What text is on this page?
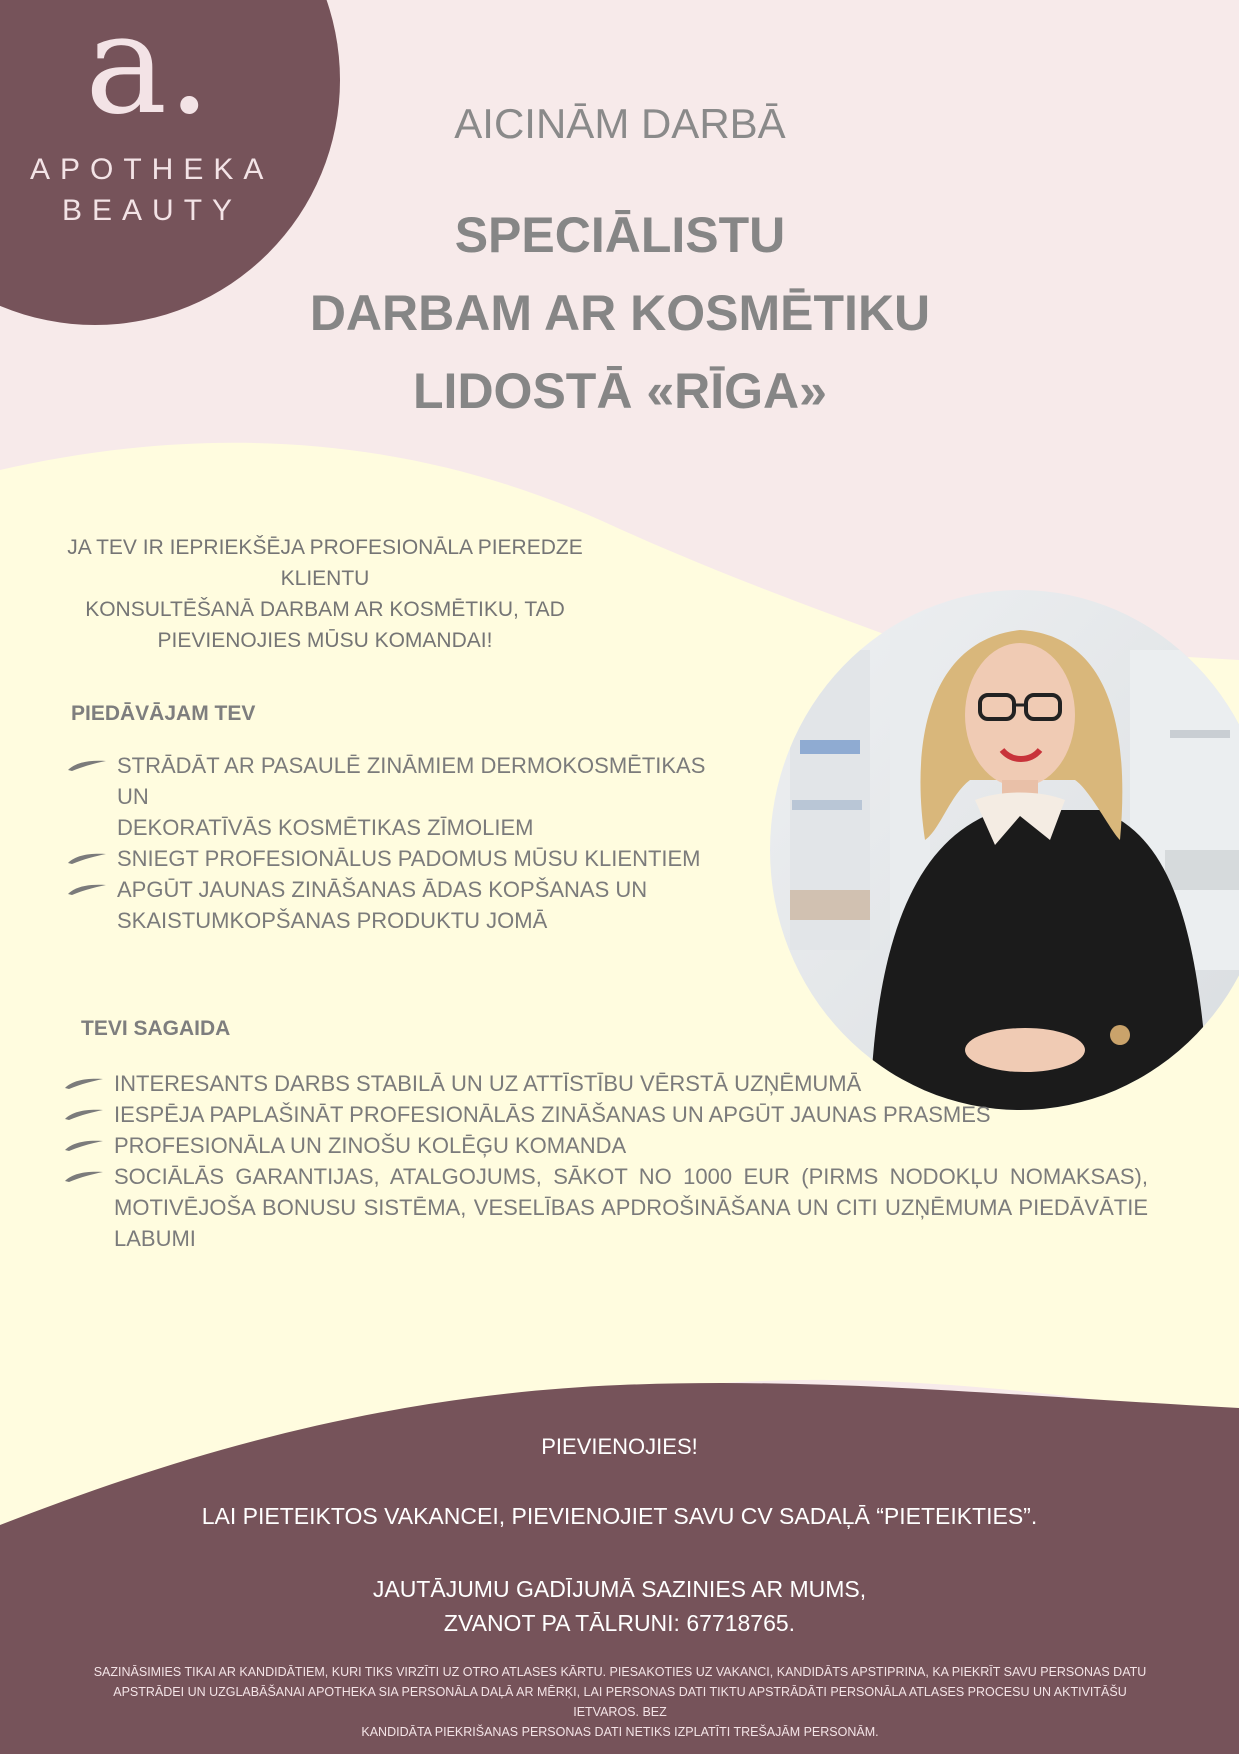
a.
APOTHEKA
BEAUTY
AICINĀM DARBĀ
SPECIĀLISTU
DARBAM AR KOSMĒTIKU
LIDOSTĀ «RĪGA»
JA TEV IR IEPRIEKŠĒJA PROFESIONĀLA PIEREDZE KLIENTU
KONSULTĒŠANĀ DARBAM AR KOSMĒTIKU, TAD
PIEVIENOJIES MŪSU KOMANDAI!
PIEDĀVĀJAM TEV
STRĀDĀT AR PASAULĒ ZINĀMIEM DERMOKOSMĒTIKAS UN
DEKORATĪVĀS KOSMĒTIKAS ZĪMOLIEM
SNIEGT PROFESIONĀLUS PADOMUS MŪSU KLIENTIEM
APGŪT JAUNAS ZINĀŠANAS ĀDAS KOPŠANAS UN
SKAISTUMKOPŠANAS PRODUKTU JOMĀ
TEVI SAGAIDA
INTERESANTS DARBS STABILĀ UN UZ ATTĪSTĪBU VĒRSTĀ UZŅĒMUMĀ
IESPĒJA PAPLAŠINĀT PROFESIONĀLĀS ZINĀŠANAS UN APGŪT JAUNAS PRASMES
PROFESIONĀLA UN ZINOŠU KOLĒĢU KOMANDA
SOCIĀLĀS GARANTIJAS, ATALGOJUMS, SĀKOT NO 1000 EUR (PIRMS NODOKĻU NOMAKSAS), MOTIVĒJOŠA BONUSU SISTĒMA, VESELĪBAS APDROŠINĀŠANA UN CITI UZŅĒMUMA PIEDĀVĀTIE LABUMI
PIEVIENOJIES!
LAI PIETEIKTOS VAKANCEI, PIEVIENOJIET SAVU CV SADAĻĀ “PIETEIKTIES”.
JAUTĀJUMU GADĪJUMĀ SAZINIES AR MUMS,
ZVANOT PA TĀLRUNI: 67718765.
SAZINĀSIMIES TIKAI AR KANDIDĀTIEM, KURI TIKS VIRZĪTI UZ OTRO ATLASES KĀRTU. PIESAKOTIES UZ VAKANCI, KANDIDĀTS APSTIPRINA, KA PIEKRĪT SAVU PERSONAS DATU
APSTRĀDEI UN UZGLABĀŠANAI APOTHEKA SIA PERSONĀLA DAĻĀ AR MĒRĶI, LAI PERSONAS DATI TIKTU APSTRĀDĀTI PERSONĀLA ATLASES PROCESU UN AKTIVITĀŠU IETVAROS. BEZ
KANDIDĀTA PIEKRIŠANAS PERSONAS DATI NETIKS IZPLATĪTI TREŠAJĀM PERSONĀM.
